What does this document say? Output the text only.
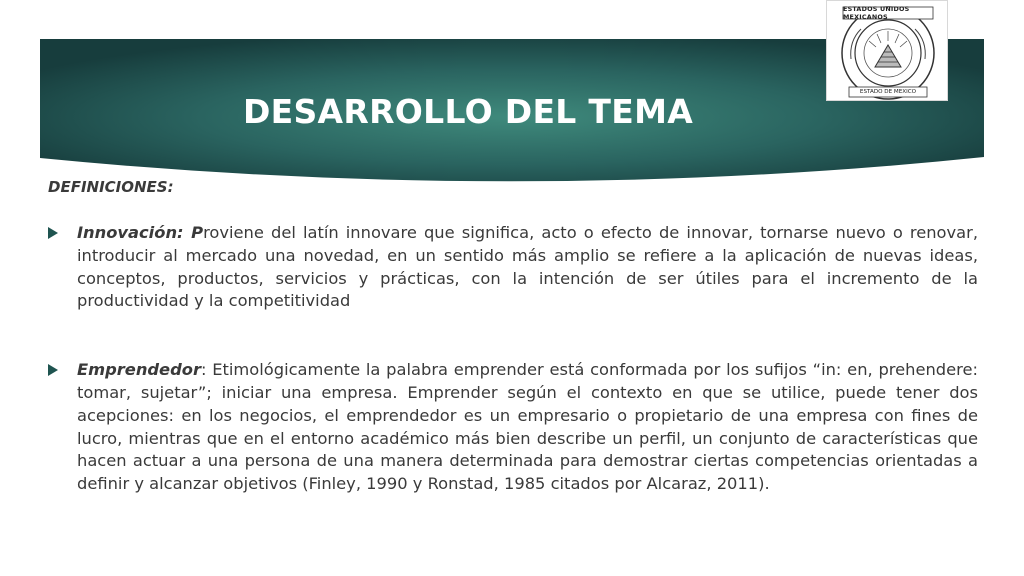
DESARROLLO DEL TEMA
ESTADOS UNIDOS MEXICANOS
ESTADO DE MEXICO

DEFINICIONES:

Innovación: Proviene del latín innovare que significa, acto o efecto de innovar, tornarse nuevo o renovar, introducir al mercado una novedad, en un sentido más amplio se refiere a la aplicación de nuevas ideas, conceptos, productos, servicios y prácticas, con la intención de ser útiles para el incremento de la productividad y la competitividad

Emprendedor: Etimológicamente la palabra emprender está conformada por los sufijos “in: en, prehendere: tomar, sujetar”; iniciar una empresa. Emprender según el contexto en que se utilice, puede tener dos acepciones: en los negocios, el emprendedor es un empresario o propietario de una empresa con fines de lucro, mientras que en el entorno académico más bien describe un perfil, un conjunto de características que hacen actuar a una persona de una manera determinada para demostrar ciertas competencias orientadas a definir y alcanzar objetivos (Finley, 1990 y Ronstad, 1985 citados por Alcaraz, 2011).
